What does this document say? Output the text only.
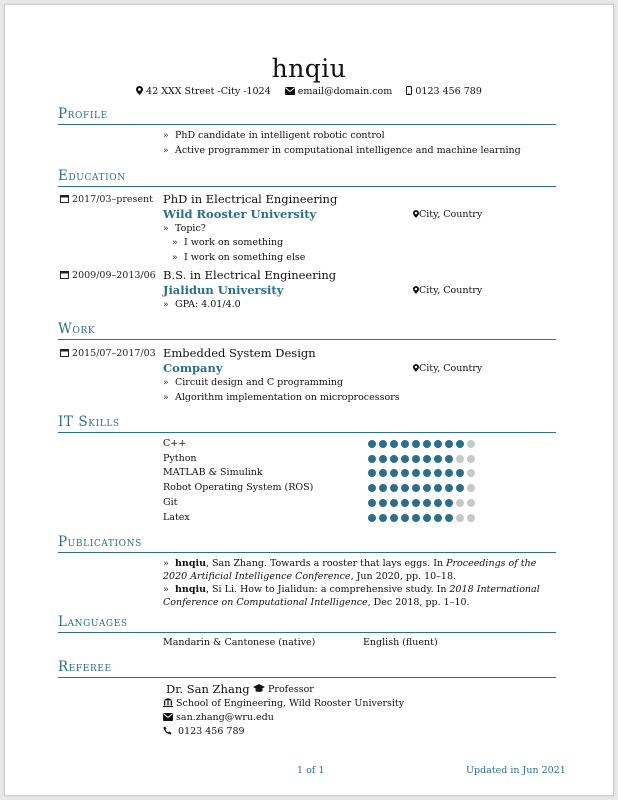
hnqiu
42 XXX Street -City -1024	email@domain.com 0123 456 789
Profile
» PhD candidate in intelligent robotic control
» Active programmer in computational intelligence and machine learning
Education
2017/03–present PhD in Electrical Engineering
Wild Rooster University	City, Country
» Topic?
» I work on something
» I work on something else
2009/09–2013/06 B.S. in Electrical Engineering
Jialidun University	City, Country
» GPA: 4.01/4.0
Work
2015/07–2017/03 Embedded System Design
Company	City, Country
» Circuit design and C programming
» Algorithm implementation on microprocessors
IT Skills
C++
Python
MATLAB & Simulink
Robot Operating System (ROS)
Git
Latex
Publications
» hnqiu, San Zhang. Towards a rooster that lays eggs. In Proceedings of the 2020 Artificial Intelligence Conference, Jun 2020, pp. 10–18.
» hnqiu, Si Li. How to Jialidun: a comprehensive study. In 2018 International Conference on Computational Intelligence, Dec 2018, pp. 1–10.
Languages
Mandarin & Cantonese (native)	English (fluent)
Referee
Dr. San Zhang	Professor
School of Engineering, Wild Rooster University
san.zhang@wru.edu
0123 456 789
1 of 1	Updated in Jun 2021
